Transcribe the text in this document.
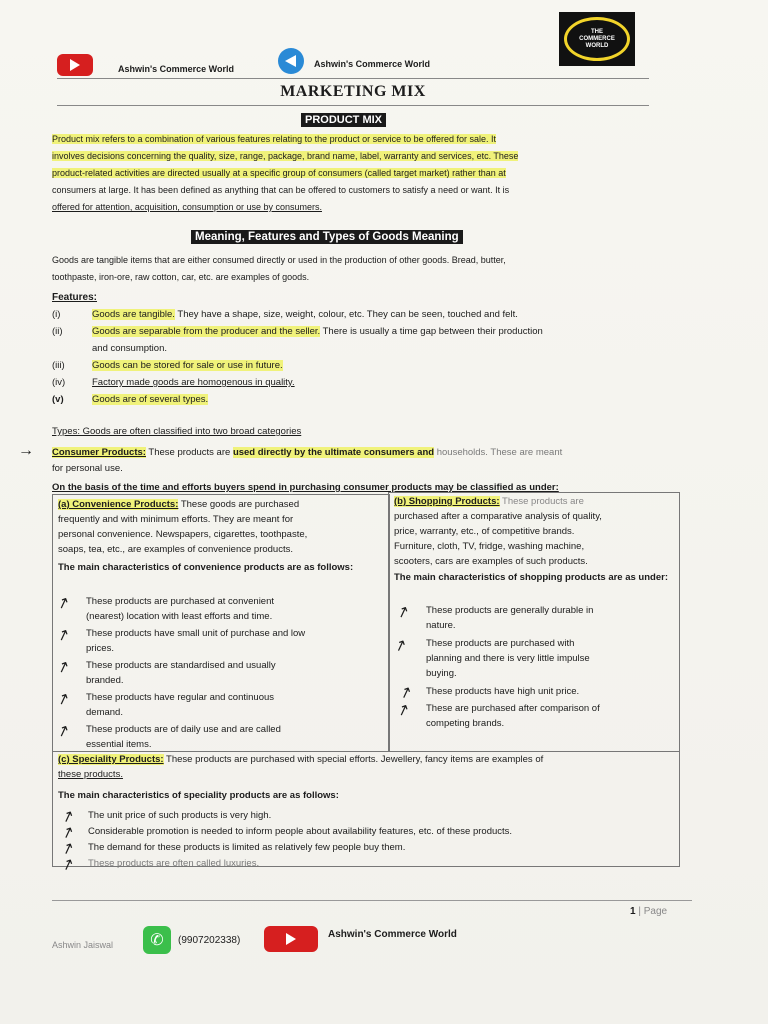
Ashwin's Commerce World	Ashwin's Commerce World
THE
COMMERCE
WORLD
MARKETING MIX
PRODUCT MIX
Product mix refers to a combination of various features relating to the product or service to be offered for sale. It
involves decisions concerning the quality, size, range, package, brand name, label, warranty and services, etc. These
product-related activities are directed usually at a specific group of consumers (called target market) rather than at
consumers at large. It has been defined as anything that can be offered to customers to satisfy a need or want. It is
offered for attention, acquisition, consumption or use by consumers.
Meaning, Features and Types of Goods Meaning
Goods are tangible items that are either consumed directly or used in the production of other goods. Bread, butter,
toothpaste, iron-ore, raw cotton, car, etc. are examples of goods.
Features:
(i)	Goods are tangible. They have a shape, size, weight, colour, etc. They can be seen, touched and felt.
(ii)	Goods are separable from the producer and the seller. There is usually a time gap between their production
and consumption.
(iii)	Goods can be stored for sale or use in future.
(iv)	Factory made goods are homogenous in quality.
(v)	Goods are of several types.
Types: Goods are often classified into two broad categories
→ Consumer Products: These products are used directly by the ultimate consumers and households. These are meant
for personal use.
On the basis of the time and efforts buyers spend in purchasing consumer products may be classified as under:
(a) Convenience Products: These goods are purchased
frequently and with minimum efforts. They are meant for
personal convenience. Newspapers, cigarettes, toothpaste,
soaps, tea, etc., are examples of convenience products.
The main characteristics of convenience products are as follows:
↗	These products are purchased at convenient
(nearest) location with least efforts and time.
↗	These products have small unit of purchase and low
prices.
↗	These products are standardised and usually
branded.
↗	These products have regular and continuous
demand.
↗	These products are of daily use and are called
essential items.
(b) Shopping Products: These products are
purchased after a comparative analysis of quality,
price, warranty, etc., of competitive brands.
Furniture, cloth, TV, fridge, washing machine,
scooters, cars are examples of such products.
The main characteristics of shopping products are as under:
↗	These products are generally durable in
nature.
↗	These products are purchased with
planning and there is very little impulse
buying.
↗	These products have high unit price.
↗	These are purchased after comparison of
competing brands.
(c) Speciality Products: These products are purchased with special efforts. Jewellery, fancy items are examples of
these products.
The main characteristics of speciality products are as follows:
↗	The unit price of such products is very high.
↗	Considerable promotion is needed to inform people about availability features, etc. of these products.
↗	The demand for these products is limited as relatively few people buy them.
↗	These products are often called luxuries.
1 | Page
Ashwin Jaiswal	✆	(9907202338)
Ashwin's Commerce World
